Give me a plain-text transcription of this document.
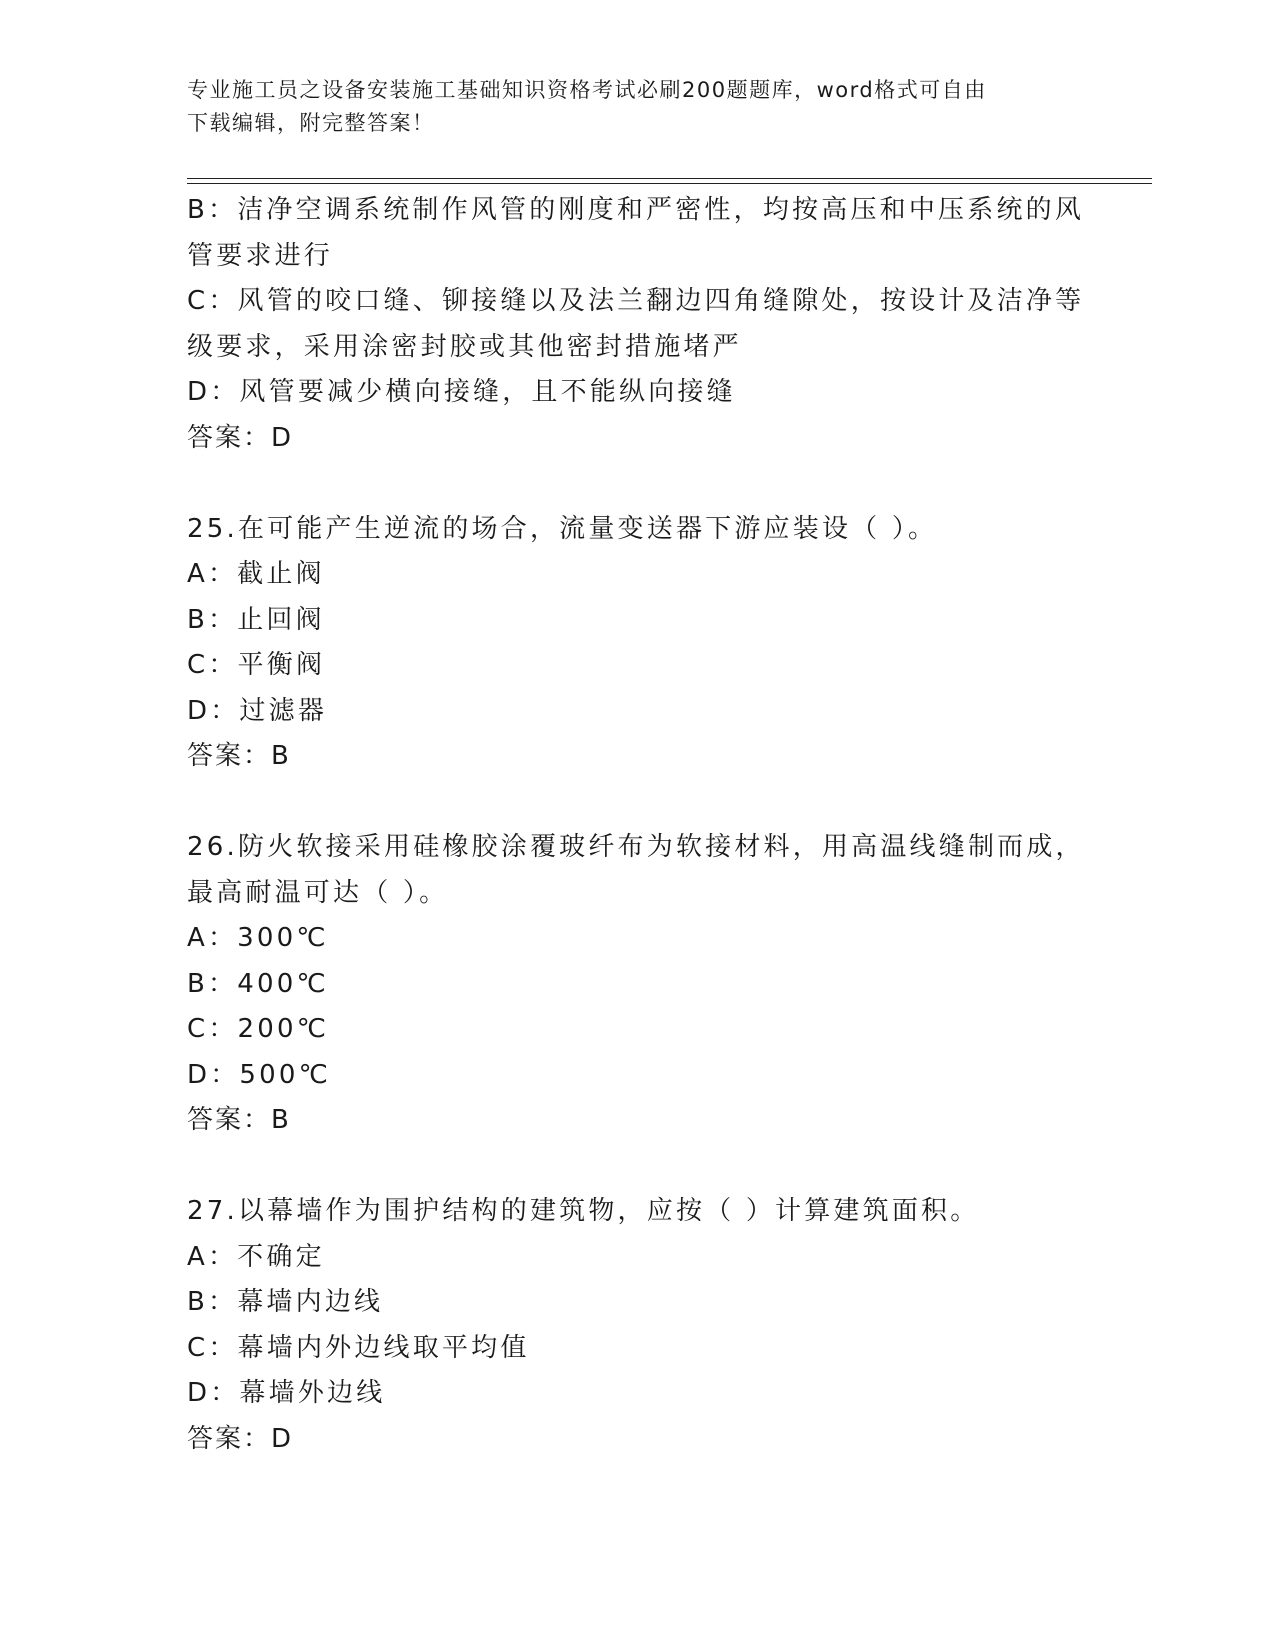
专业施工员之设备安装施工基础知识资格考试必刷200题题库，word格式可自由
下载编辑，附完整答案！
B：洁净空调系统制作风管的刚度和严密性，均按高压和中压系统的风
管要求进行
C：风管的咬口缝、铆接缝以及法兰翻边四角缝隙处，按设计及洁净等
级要求，采用涂密封胶或其他密封措施堵严
D：风管要减少横向接缝，且不能纵向接缝
答案：D
25.在可能产生逆流的场合，流量变送器下游应装设（ ）。
A：截止阀
B：止回阀
C：平衡阀
D：过滤器
答案：B
26.防火软接采用硅橡胶涂覆玻纤布为软接材料，用高温线缝制而成，
最高耐温可达（ ）。
A：300℃
B：400℃
C：200℃
D：500℃
答案：B
27.以幕墙作为围护结构的建筑物，应按（ ）计算建筑面积。
A：不确定
B：幕墙内边线
C：幕墙内外边线取平均值
D：幕墙外边线
答案：D
